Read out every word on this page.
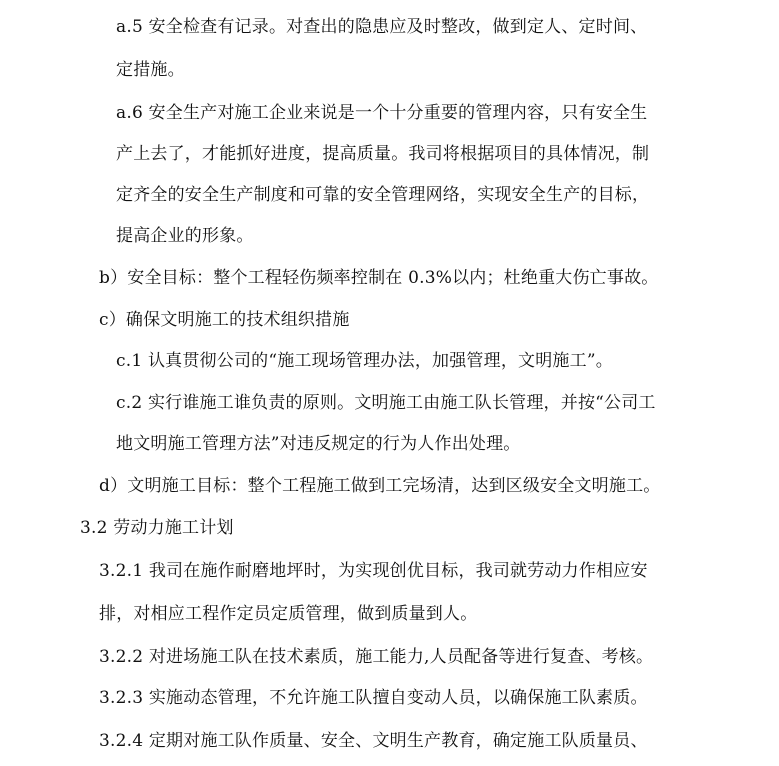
a.5 安全检查有记录。对查出的隐患应及时整改，做到定人、定时间、
定措施。
a.6 安全生产对施工企业来说是一个十分重要的管理内容，只有安全生
产上去了，才能抓好进度，提高质量。我司将根据项目的具体情况，制
定齐全的安全生产制度和可靠的安全管理网络，实现安全生产的目标，
提高企业的形象。
b）安全目标：整个工程轻伤频率控制在 0.3%以内；杜绝重大伤亡事故。
c）确保文明施工的技术组织措施
c.1 认真贯彻公司的“施工现场管理办法，加强管理，文明施工”。
c.2 实行谁施工谁负责的原则。文明施工由施工队长管理，并按“公司工
地文明施工管理方法”对违反规定的行为人作出处理。
d）文明施工目标：整个工程施工做到工完场清，达到区级安全文明施工。
3.2 劳动力施工计划
3.2.1 我司在施作耐磨地坪时，为实现创优目标，我司就劳动力作相应安
排，对相应工程作定员定质管理，做到质量到人。
3.2.2 对进场施工队在技术素质，施工能力,人员配备等进行复查、考核。
3.2.3 实施动态管理，不允许施工队擅自变动人员，以确保施工队素质。
3.2.4 定期对施工队作质量、安全、文明生产教育，确定施工队质量员、
